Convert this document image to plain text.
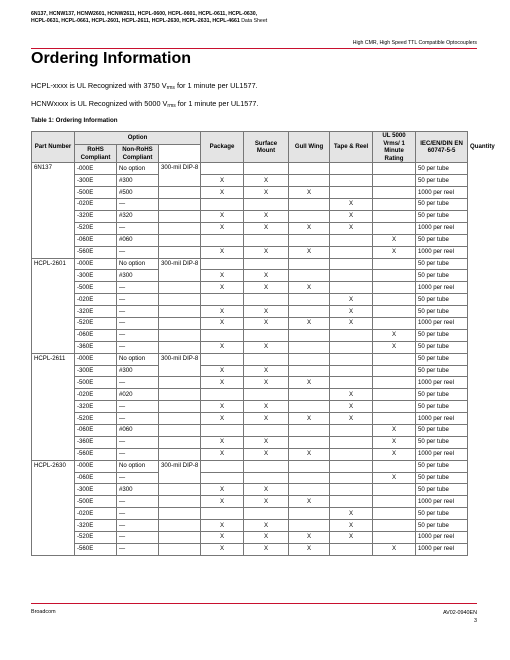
6N137, HCNW137, HCNW2601, HCNW2611, HCPL-0600, HCPL-0601, HCPL-0611, HCPL-0630, HCPL-0631, HCPL-0661, HCPL-2601, HCPL-2611, HCPL-2630, HCPL-2631, HCPL-4661 Data Sheet
High CMR, High Speed TTL Compatible Optocouplers
Ordering Information

HCPL-xxxx is UL Recognized with 3750 $V_{rms}$ for 1 minute per UL1577.

HCNWxxxx is UL Recognized with 5000 $V_{rms}$ for 1 minute per UL1577.

Table 1: Ordering Information

Part Number	Option			Package	Surface Mount	Gull Wing	Tape & Reel	UL 5000 Vrms/ 1 Minute Rating	IEC/EN/DIN EN 60747-5-5	Quantity
	RoHS Compliant	Non-RoHS Compliant								
6N137	-000E	No option	300-mil DIP-8						50 per tube	
	-300E	#300		X	X				50 per tube	
	-500E	#500		X	X	X			1000 per reel	
	-020E	—					X		50 per tube	
	-320E	#320		X	X		X		50 per tube	
	-520E	—		X	X	X	X		1000 per reel	
	-060E	#060						X	50 per tube	
	-560E	—		X	X	X		X	1000 per reel	
HCPL-2601	-000E	No option	300-mil DIP-8						50 per tube	
	-300E	#300		X	X				50 per tube	
	-500E	—		X	X	X			1000 per reel	
	-020E	—					X		50 per tube	
	-320E	—		X	X		X		50 per tube	
	-520E	—		X	X	X	X		1000 per reel	
	-060E	—						X	50 per tube	
	-360E	—		X	X			X	50 per tube	
HCPL-2611	-000E	No option	300-mil DIP-8						50 per tube	
	-300E	#300		X	X				50 per tube	
	-500E	—		X	X	X			1000 per reel	
	-020E	#020					X		50 per tube	
	-320E	—		X	X		X		50 per tube	
	-520E	—		X	X	X	X		1000 per reel	
	-060E	#060						X	50 per tube	
	-360E	—		X	X			X	50 per tube	
	-560E	—		X	X	X		X	1000 per reel	
HCPL-2630	-000E	No option	300-mil DIP-8						50 per tube	
	-060E	—						X	50 per tube	
	-300E	#300		X	X				50 per tube	
	-500E	—		X	X	X			1000 per reel	
	-020E	—					X		50 per tube	
	-320E	—		X	X		X		50 per tube	
	-520E	—		X	X	X	X		1000 per reel	
	-560E	—		X	X	X		X	1000 per reel	
Broadcom	AV02-0940EN
3
